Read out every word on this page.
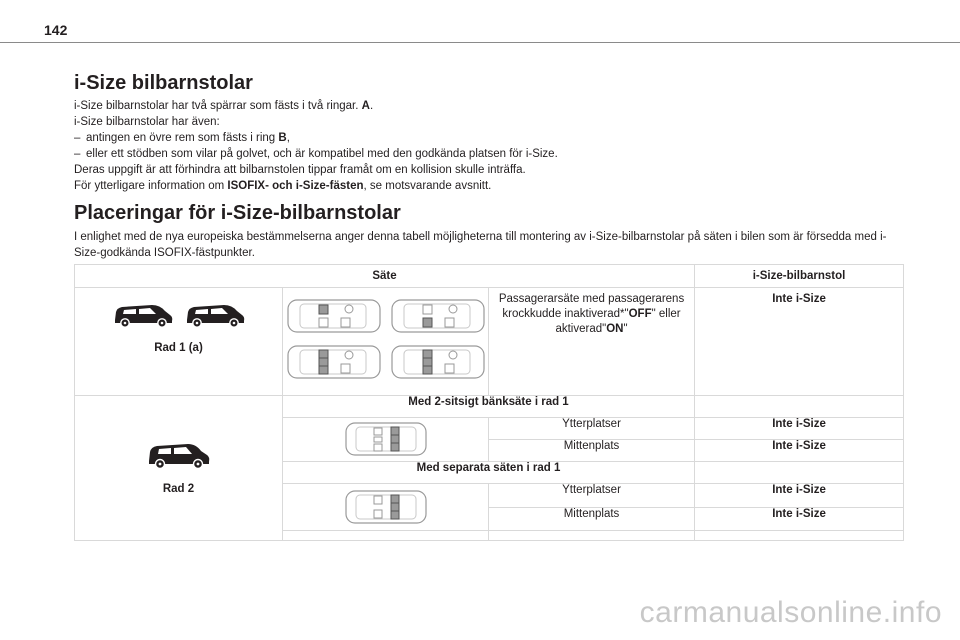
142
i-Size bilbarnstolar
i-Size bilbarnstolar har två spärrar som fästs i två ringar. A.
i-Size bilbarnstolar har även:
– antingen en övre rem som fästs i ring B,
– eller ett stödben som vilar på golvet, och är kompatibel med den godkända platsen för i-Size.
Deras uppgift är att förhindra att bilbarnstolen tippar framåt om en kollision skulle inträffa.
För ytterligare information om ISOFIX- och i-Size-fästen, se motsvarande avsnitt.
Placeringar för i-Size-bilbarnstolar
I enlighet med de nya europeiska bestämmelserna anger denna tabell möjligheterna till montering av i-Size-bilbarnstolar på säten i bilen som är försedda med i-Size-godkända ISOFIX-fästpunkter.
Säte			i-Size-bilbarnstol

Rad 1 (a)		Passagerarsäte med passagerarens krockkudde inaktiverad*"OFF" eller aktiverad"ON"	Inte i-Size

Rad 2	Med 2-sitsigt bänksäte i rad 1		

	Ytterplatser	Inte i-Size
		Mittenplats	Inte i-Size
	Med separata säten i rad 1		

	Ytterplatser	Inte i-Size
		Mittenplats	Inte i-Size

carmanualsonline.info
